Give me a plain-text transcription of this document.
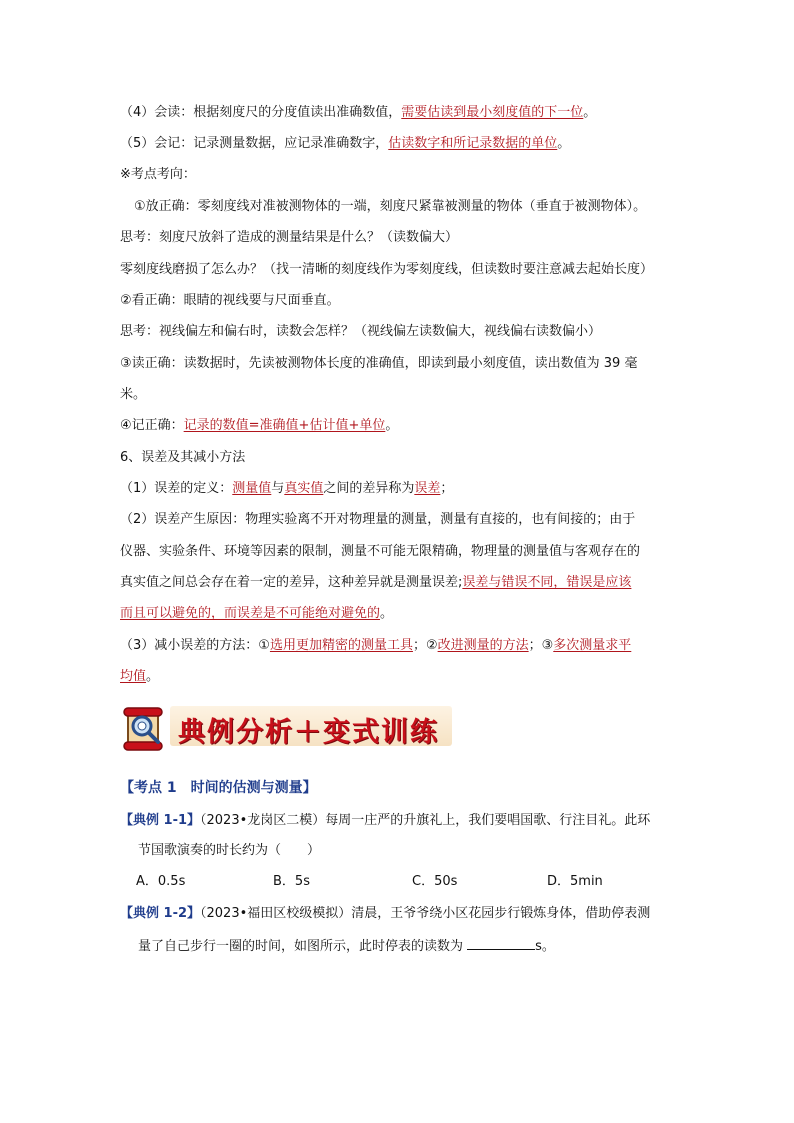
（4）会读：根据刻度尺的分度值读出准确数值，需要估读到最小刻度值的下一位。
（5）会记：记录测量数据，应记录准确数字，估读数字和所记录数据的单位。
※考点考向：
①放正确：零刻度线对准被测物体的一端，刻度尺紧靠被测量的物体（垂直于被测物体）。
思考：刻度尺放斜了造成的测量结果是什么？（读数偏大）
零刻度线磨损了怎么办？（找一清晰的刻度线作为零刻度线，但读数时要注意减去起始长度）
②看正确：眼睛的视线要与尺面垂直。
思考：视线偏左和偏右时，读数会怎样？（视线偏左读数偏大，视线偏右读数偏小）
③读正确：读数据时，先读被测物体长度的准确值，即读到最小刻度值，读出数值为 39 毫
米。
④记正确：记录的数值=准确值+估计值+单位。
6、误差及其减小方法
（1）误差的定义：测量值与真实值之间的差异称为误差；
（2）误差产生原因：物理实验离不开对物理量的测量，测量有直接的，也有间接的；由于
仪器、实验条件、环境等因素的限制，测量不可能无限精确，物理量的测量值与客观存在的
真实值之间总会存在着一定的差异，这种差异就是测量误差;误差与错误不同，错误是应该
而且可以避免的，而误差是不可能绝对避免的。
（3）减小误差的方法：①选用更加精密的测量工具；②改进测量的方法；③多次测量求平
均值。
典例分析＋变式训练
【考点 1　时间的估测与测量】
【典例 1-1】（2023•龙岗区二模）每周一庄严的升旗礼上，我们要唱国歌、行注目礼。此环
节国歌演奏的时长约为（　　）
A．0.5s	B．5s	C．50s	D．5min
【典例 1-2】（2023•福田区校级模拟）清晨，王爷爷绕小区花园步行锻炼身体，借助停表测
量了自己步行一圈的时间，如图所示，此时停表的读数为	s。
